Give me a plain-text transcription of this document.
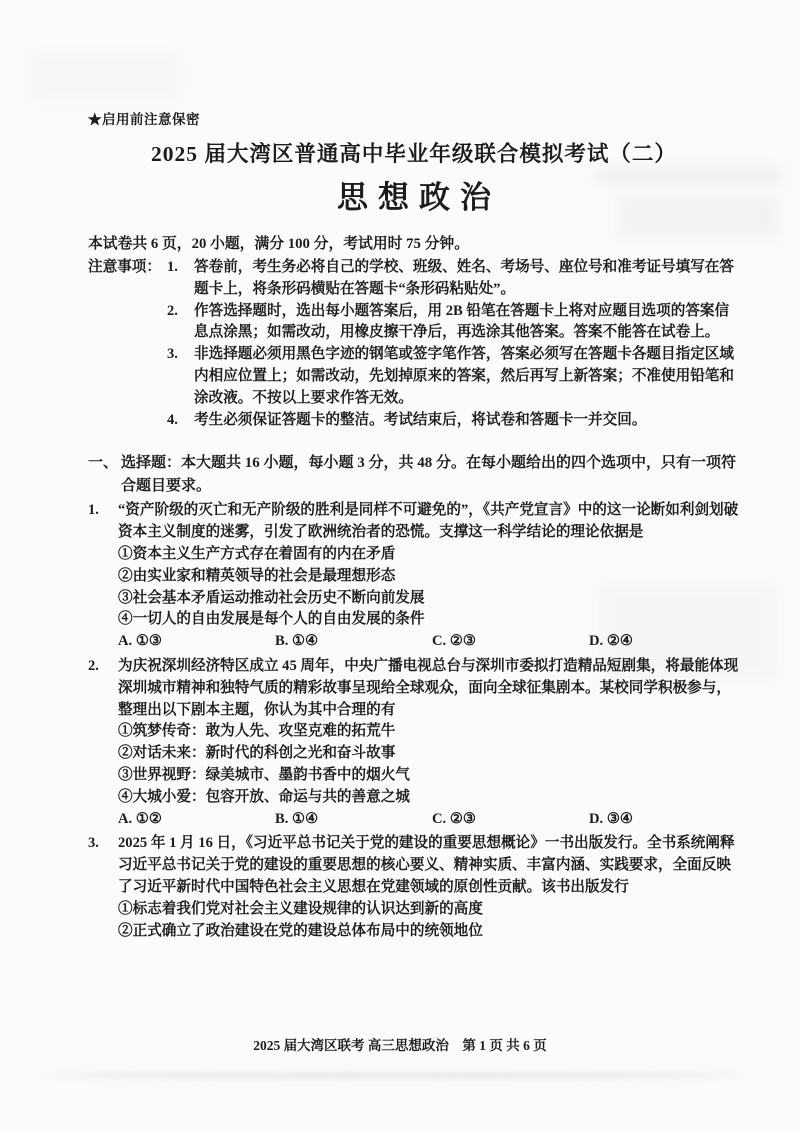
★启用前注意保密
2025 届大湾区普通高中毕业年级联合模拟考试（二）
思想政治
本试卷共 6 页，20 小题，满分 100 分，考试用时 75 分钟。
注意事项： 1.	答卷前，考生务必将自己的学校、班级、姓名、考场号、座位号和准考证号填写在答题卡上，将条形码横贴在答题卡“条形码粘贴处”。
2.	作答选择题时，选出每小题答案后，用 2B 铅笔在答题卡上将对应题目选项的答案信息点涂黑；如需改动，用橡皮擦干净后，再选涂其他答案。答案不能答在试卷上。
3.	非选择题必须用黑色字迹的钢笔或签字笔作答，答案必须写在答题卡各题目指定区域内相应位置上；如需改动，先划掉原来的答案，然后再写上新答案；不准使用铅笔和涂改液。不按以上要求作答无效。
4.	考生必须保证答题卡的整洁。考试结束后，将试卷和答题卡一并交回。
一、 选择题：本大题共 16 小题，每小题 3 分，共 48 分。在每小题给出的四个选项中，只有一项符合题目要求。
1.	“资产阶级的灭亡和无产阶级的胜利是同样不可避免的”，《共产党宣言》中的这一论断如利剑划破资本主义制度的迷雾，引发了欧洲统治者的恐慌。支撑这一科学结论的理论依据是
①资本主义生产方式存在着固有的内在矛盾
②由实业家和精英领导的社会是最理想形态
③社会基本矛盾运动推动社会历史不断向前发展
④一切人的自由发展是每个人的自由发展的条件
A. ①③	B. ①④	C. ②③	D. ②④
2.	为庆祝深圳经济特区成立 45 周年，中央广播电视总台与深圳市委拟打造精品短剧集，将最能体现深圳城市精神和独特气质的精彩故事呈现给全球观众，面向全球征集剧本。某校同学积极参与，整理出以下剧本主题，你认为其中合理的有
①筑梦传奇：敢为人先、攻坚克难的拓荒牛
②对话未来：新时代的科创之光和奋斗故事
③世界视野：绿美城市、墨韵书香中的烟火气
④大城小爱：包容开放、命运与共的善意之城
A. ①②	B. ①④	C. ②③	D. ③④
3.	2025 年 1 月 16 日，《习近平总书记关于党的建设的重要思想概论》一书出版发行。全书系统阐释习近平总书记关于党的建设的重要思想的核心要义、精神实质、丰富内涵、实践要求，全面反映了习近平新时代中国特色社会主义思想在党建领域的原创性贡献。该书出版发行
①标志着我们党对社会主义建设规律的认识达到新的高度
②正式确立了政治建设在党的建设总体布局中的统领地位
2025 届大湾区联考 高三思想政治　第 1 页 共 6 页
